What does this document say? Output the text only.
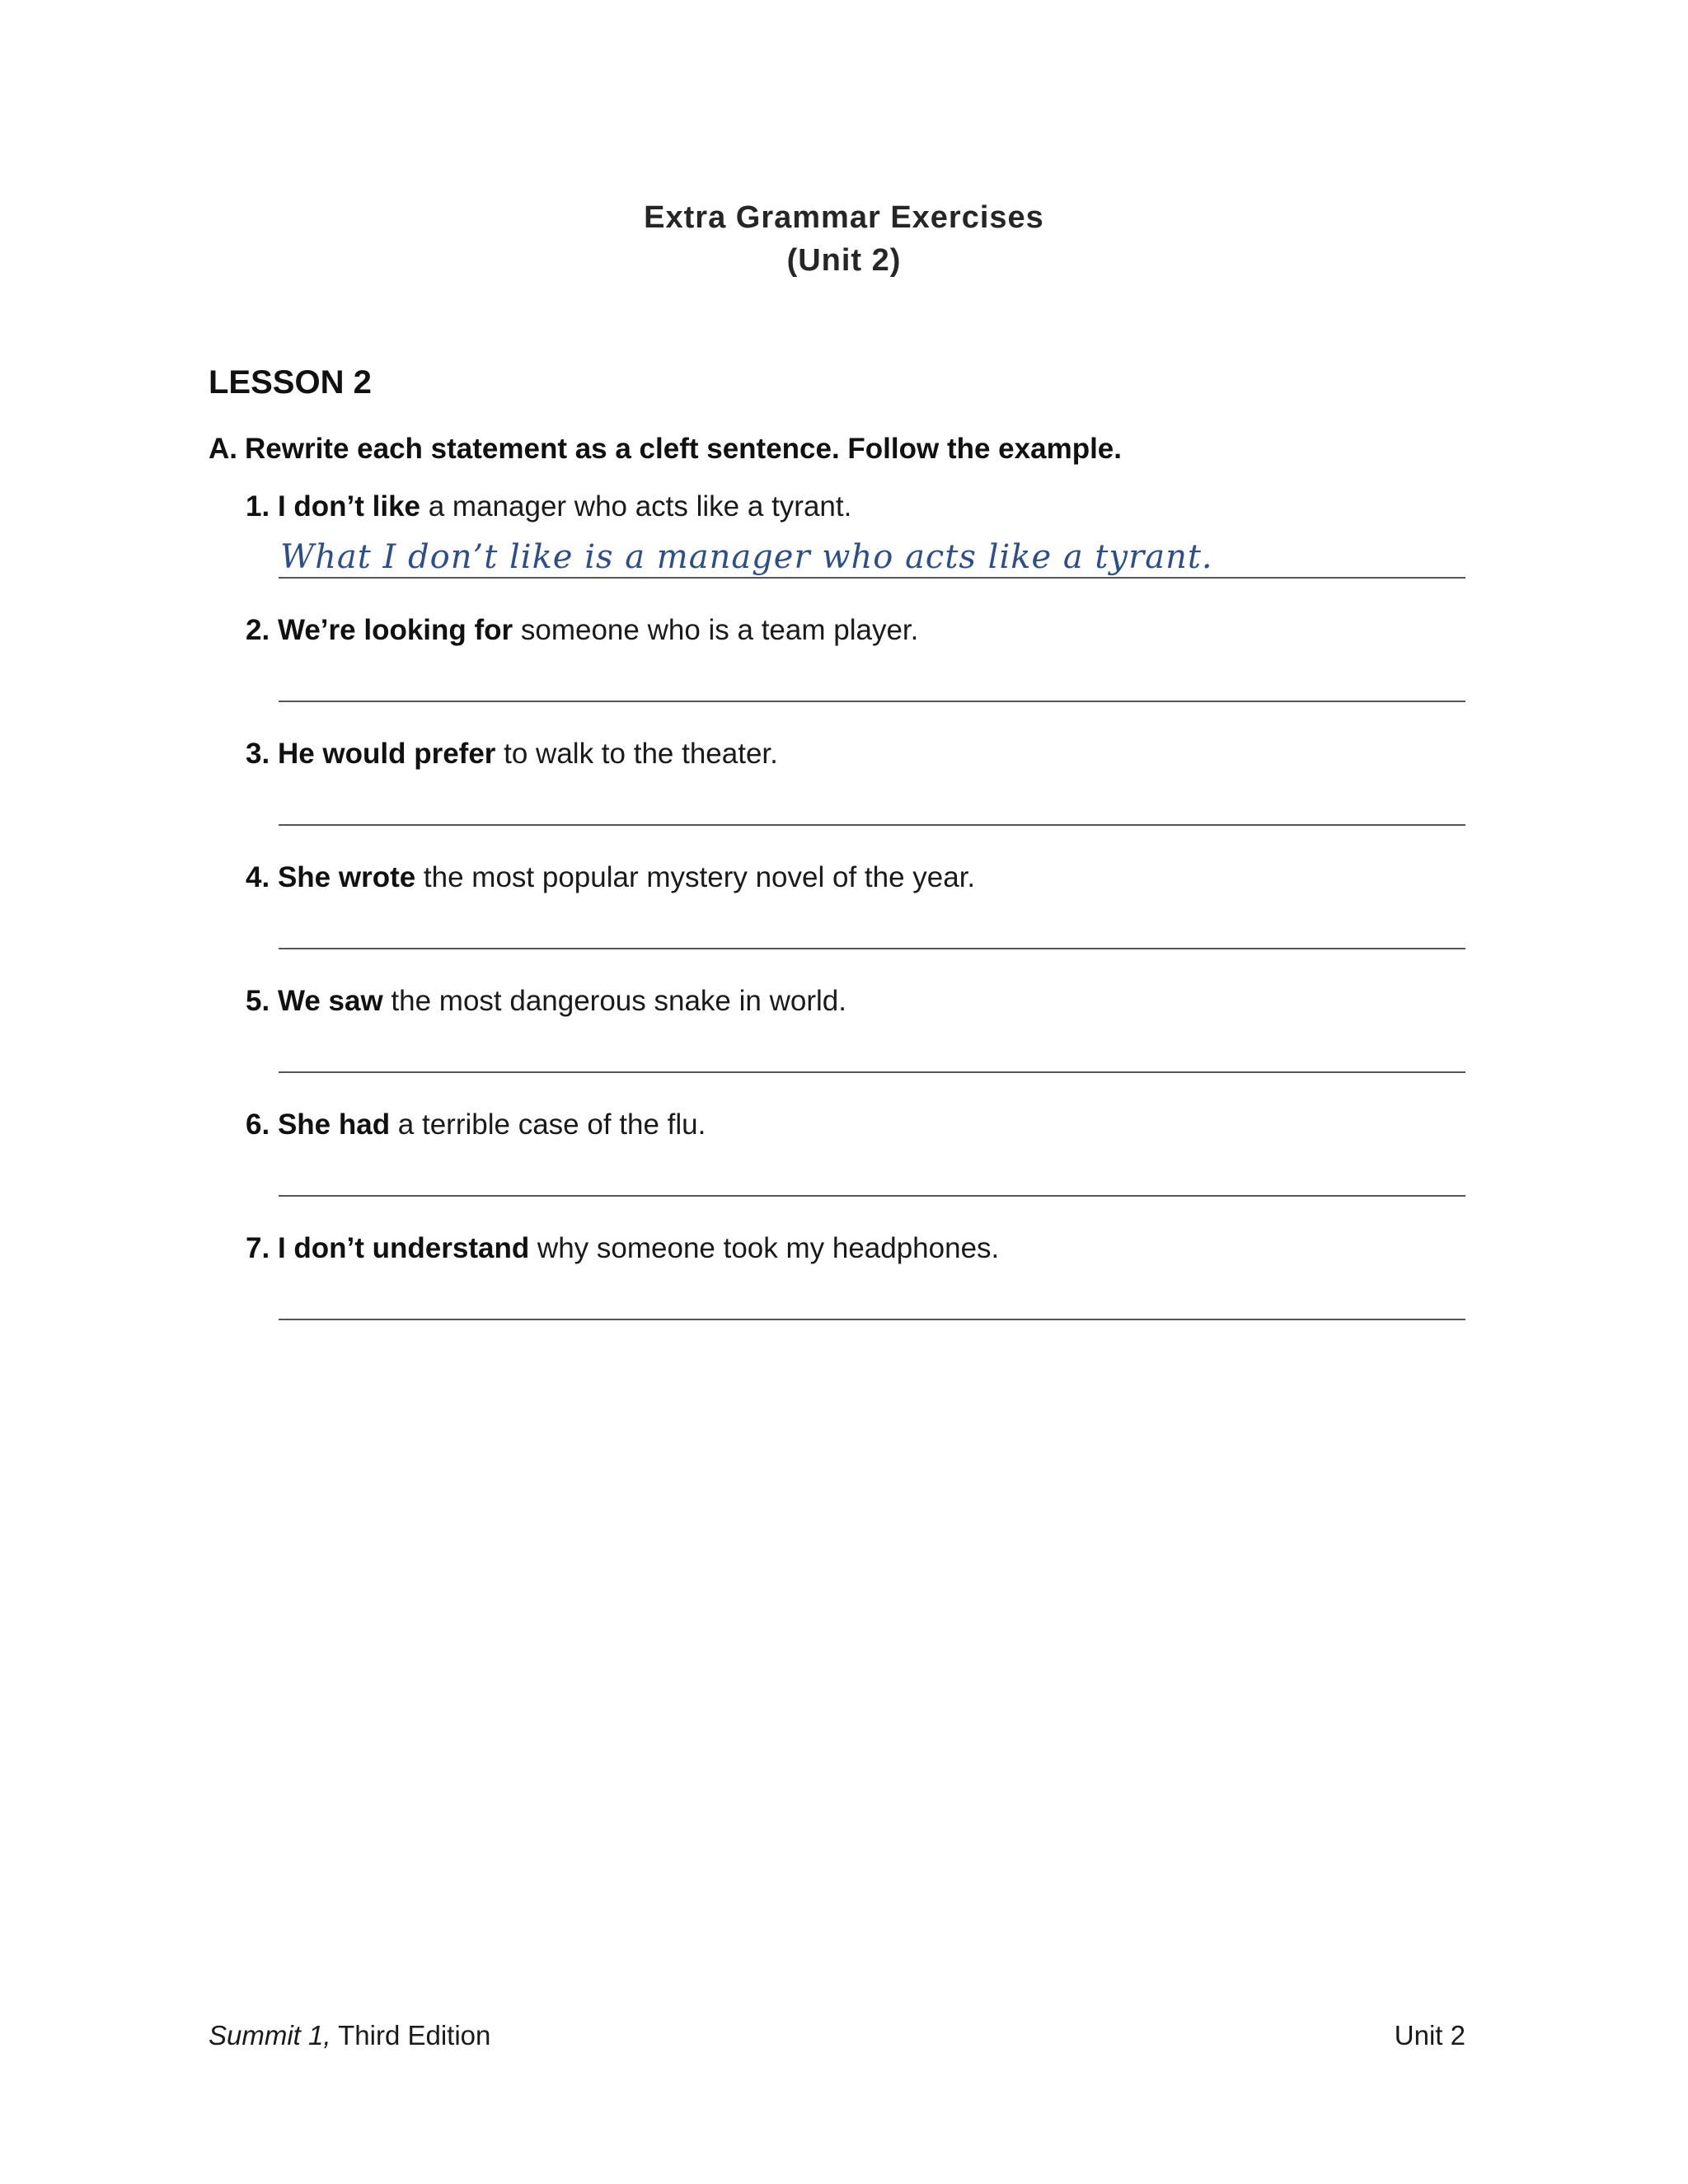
Extra Grammar Exercises
(Unit 2)
LESSON 2
A. Rewrite each statement as a cleft sentence. Follow the example.
1. I don’t like a manager who acts like a tyrant.
What I don’t like is a manager who acts like a tyrant.
2. We’re looking for someone who is a team player.
3. He would prefer to walk to the theater.
4. She wrote the most popular mystery novel of the year.
5. We saw the most dangerous snake in world.
6. She had a terrible case of the flu.
7. I don’t understand why someone took my headphones.
Summit 1, Third Edition	Unit 2
